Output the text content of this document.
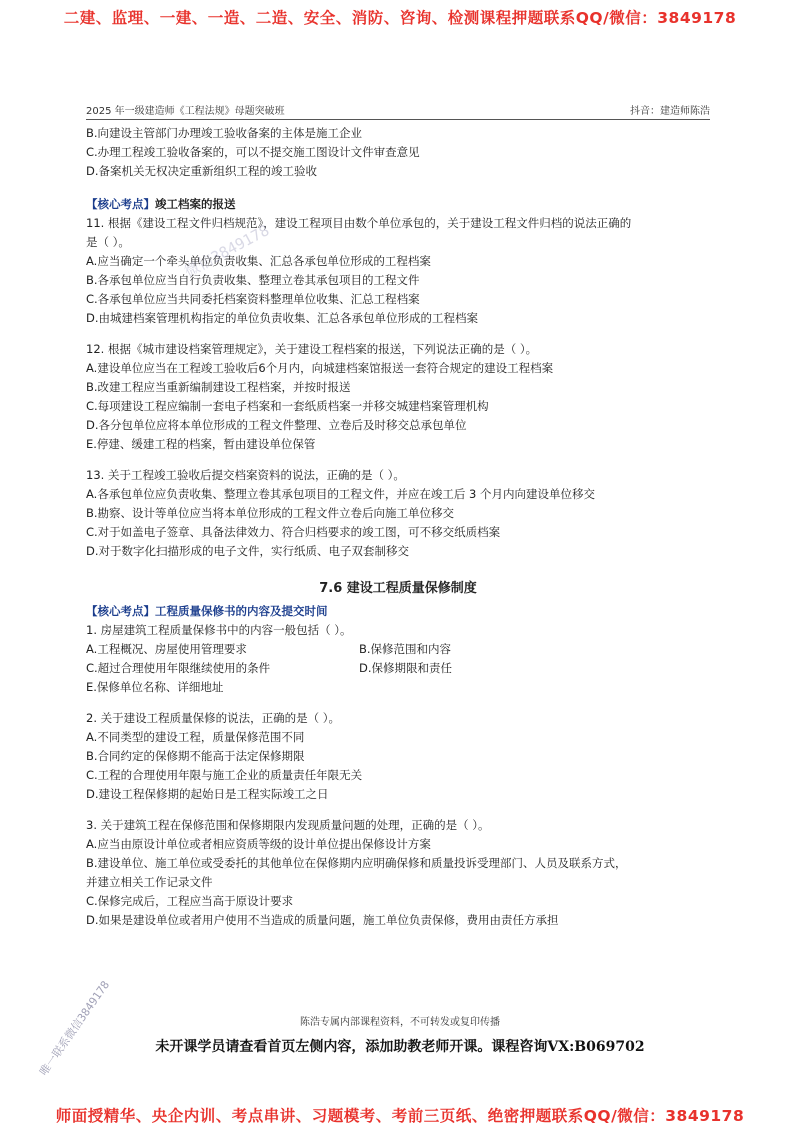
二建、监理、一建、一造、二造、安全、消防、咨询、检测课程押题联系QQ/微信：3849178
2025 年一级建造师《工程法规》母题突破班	抖音：建造师陈浩
B.向建设主管部门办理竣工验收备案的主体是施工企业
C.办理工程竣工验收备案的，可以不提交施工图设计文件审查意见
D.备案机关无权决定重新组织工程的竣工验收
【核心考点】竣工档案的报送
11. 根据《建设工程文件归档规范》，建设工程项目由数个单位承包的，关于建设工程文件归档的说法正确的
是（ ）。
A.应当确定一个牵头单位负责收集、汇总各承包单位形成的工程档案
B.各承包单位应当自行负责收集、整理立卷其承包项目的工程文件
C.各承包单位应当共同委托档案资料整理单位收集、汇总工程档案
D.由城建档案管理机构指定的单位负责收集、汇总各承包单位形成的工程档案
12. 根据《城市建设档案管理规定》，关于建设工程档案的报送，下列说法正确的是（ ）。
A.建设单位应当在工程竣工验收后6个月内，向城建档案馆报送一套符合规定的建设工程档案
B.改建工程应当重新编制建设工程档案，并按时报送
C.每项建设工程应编制一套电子档案和一套纸质档案一并移交城建档案管理机构
D.各分包单位应将本单位形成的工程文件整理、立卷后及时移交总承包单位
E.停建、缓建工程的档案，暂由建设单位保管
13. 关于工程竣工验收后提交档案资料的说法，正确的是（ ）。
A.各承包单位应负责收集、整理立卷其承包项目的工程文件，并应在竣工后 3 个月内向建设单位移交
B.勘察、设计等单位应当将本单位形成的工程文件立卷后向施工单位移交
C.对于如盖电子签章、具备法律效力、符合归档要求的竣工图，可不移交纸质档案
D.对于数字化扫描形成的电子文件，实行纸质、电子双套制移交
7.6 建设工程质量保修制度
【核心考点】工程质量保修书的内容及提交时间
1. 房屋建筑工程质量保修书中的内容一般包括（ ）。
A.工程概况、房屋使用管理要求	B.保修范围和内容
C.超过合理使用年限继续使用的条件	D.保修期限和责任
E.保修单位名称、详细地址
2. 关于建设工程质量保修的说法，正确的是（ ）。
A.不同类型的建设工程，质量保修范围不同
B.合同约定的保修期不能高于法定保修期限
C.工程的合理使用年限与施工企业的质量责任年限无关
D.建设工程保修期的起始日是工程实际竣工之日
3. 关于建筑工程在保修范围和保修期限内发现质量问题的处理，正确的是（ ）。
A.应当由原设计单位或者相应资质等级的设计单位提出保修设计方案
B.建设单位、施工单位或受委托的其他单位在保修期内应明确保修和质量投诉受理部门、人员及联系方式，
并建立相关工作记录文件
C.保修完成后，工程应当高于原设计要求
D.如果是建设单位或者用户使用不当造成的质量问题，施工单位负责保修，费用由责任方承担
陈浩专属内部课程资料，不可转发或复印传播
未开课学员请查看首页左侧内容，添加助教老师开课。课程咨询VX:B069702
微信3849178
唯一联系微信3849178
师面授精华、央企内训、考点串讲、习题模考、考前三页纸、绝密押题联系QQ/微信：3849178
